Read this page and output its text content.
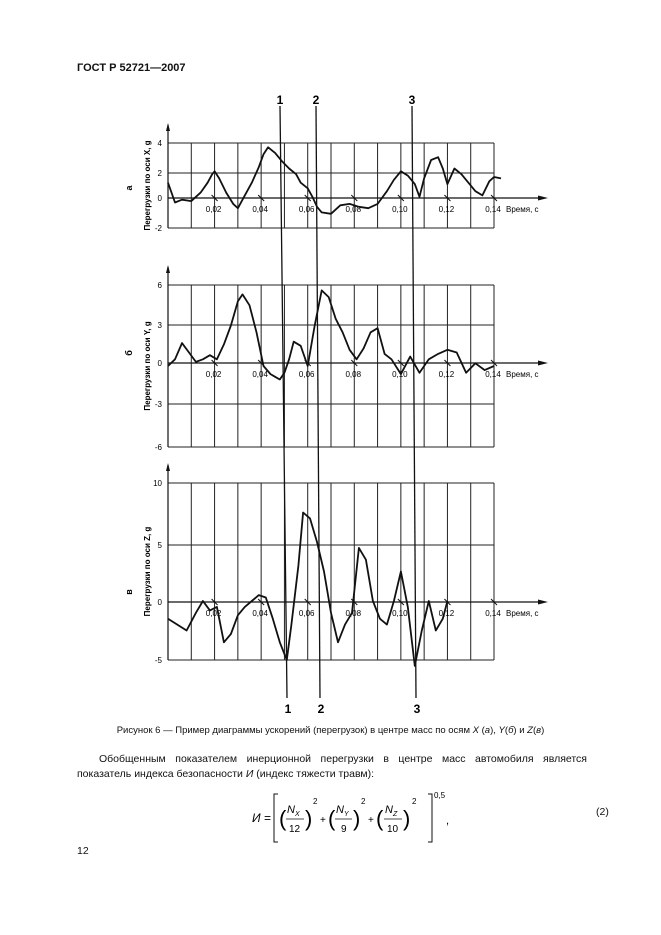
ГОСТ Р 52721—2007
4
2
0
-2
0,02	0,04	0,06	0,08	0,10	0,12	0,14 Время, с
Перегрузки по оси X, g
а
6
3
0
-3
-6
0,02	0,04	0,06	0,08	0,10	0,12	0,14 Время, с
Перегрузки по оси Y, g
б
10
5
0
-5
0,02	0,04	0,06	0,08	0,10	0,12	0,14 Время, с
Перегрузки по оси Z, g
в
1
1
2
2
3
3
Рисунок 6 — Пример диаграммы ускорений (перегрузок) в центре масс по осям X (а), Y(б) и Z(в)
Обобщенным показателем инерционной перегрузки в центре масс автомобиля является показатель индекса безопасности И (индекс тяжести травм):
И =
0,5
,
( N X
12 )
2
+ ( N Y
9 )
2
+ ( N Z
10 )
2
(2)
12
